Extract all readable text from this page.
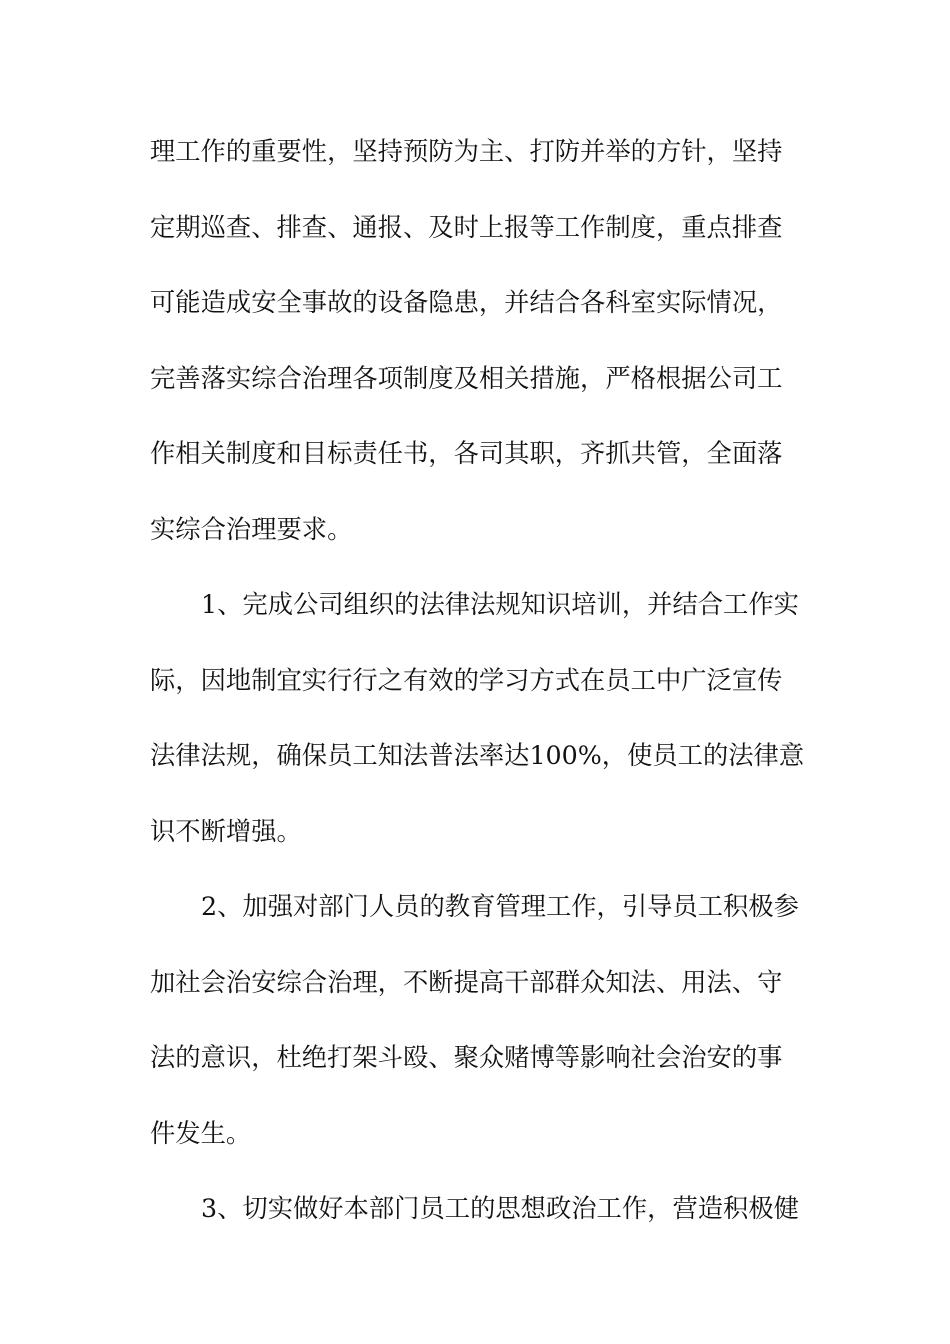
理工作的重要性，坚持预防为主、打防并举的方针，坚持
定期巡查、排查、通报、及时上报等工作制度，重点排查
可能造成安全事故的设备隐患，并结合各科室实际情况，
完善落实综合治理各项制度及相关措施，严格根据公司工
作相关制度和目标责任书，各司其职，齐抓共管，全面落
实综合治理要求。
1、完成公司组织的法律法规知识培训，并结合工作实
际，因地制宜实行行之有效的学习方式在员工中广泛宣传
法律法规，确保员工知法普法率达100%，使员工的法律意
识不断增强。
2、加强对部门人员的教育管理工作，引导员工积极参
加社会治安综合治理，不断提高干部群众知法、用法、守
法的意识，杜绝打架斗殴、聚众赌博等影响社会治安的事
件发生。
3、切实做好本部门员工的思想政治工作，营造积极健
